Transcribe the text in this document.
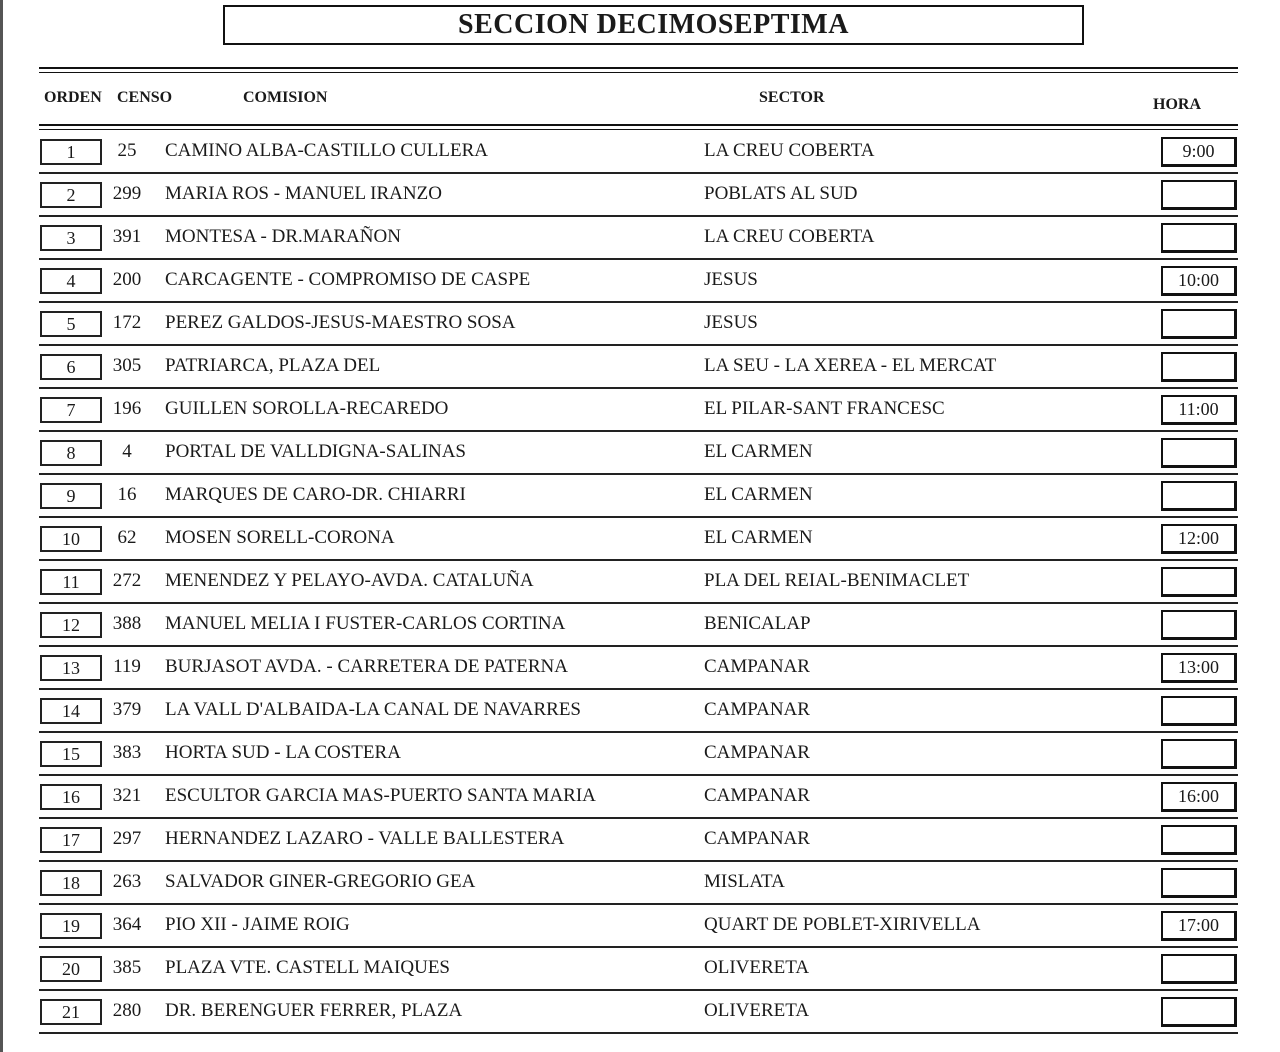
SECCION DECIMOSEPTIMA
ORDEN CENSO	COMISION	SECTOR	HORA
1	25	CAMINO ALBA-CASTILLO CULLERA	LA CREU COBERTA	9:00
2	299	MARIA ROS - MANUEL IRANZO	POBLATS AL SUD
3	391	MONTESA - DR.MARAÑON	LA CREU COBERTA
4	200	CARCAGENTE - COMPROMISO DE CASPE	JESUS	10:00
5	172	PEREZ GALDOS-JESUS-MAESTRO SOSA	JESUS
6	305	PATRIARCA, PLAZA DEL	LA SEU - LA XEREA - EL MERCAT
7	196	GUILLEN SOROLLA-RECAREDO	EL PILAR-SANT FRANCESC	11:00
8	4	PORTAL DE VALLDIGNA-SALINAS	EL CARMEN
9	16	MARQUES DE CARO-DR. CHIARRI	EL CARMEN
10	62	MOSEN SORELL-CORONA	EL CARMEN	12:00
11	272	MENENDEZ Y PELAYO-AVDA. CATALUÑA	PLA DEL REIAL-BENIMACLET
12	388	MANUEL MELIA I FUSTER-CARLOS CORTINA	BENICALAP
13	119	BURJASOT AVDA. - CARRETERA DE PATERNA	CAMPANAR	13:00
14	379	LA VALL D'ALBAIDA-LA CANAL DE NAVARRES	CAMPANAR
15	383	HORTA SUD - LA COSTERA	CAMPANAR
16	321	ESCULTOR GARCIA MAS-PUERTO SANTA MARIA	CAMPANAR	16:00
17	297	HERNANDEZ LAZARO - VALLE BALLESTERA	CAMPANAR
18	263	SALVADOR GINER-GREGORIO GEA	MISLATA
19	364	PIO XII - JAIME ROIG	QUART DE POBLET-XIRIVELLA	17:00
20	385	PLAZA VTE. CASTELL MAIQUES	OLIVERETA
21	280	DR. BERENGUER FERRER, PLAZA	OLIVERETA
